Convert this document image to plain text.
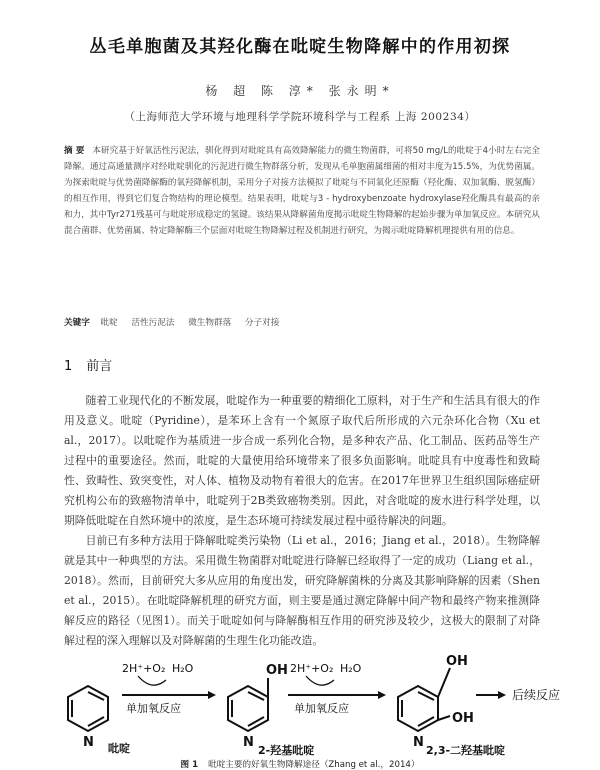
丛毛单胞菌及其羟化酶在吡啶生物降解中的作用初探
杨 超 陈 淳* 张永明*
（上海师范大学环境与地理科学学院环境科学与工程系 上海 200234）
摘 要 本研究基于好氧活性污泥法，驯化得到对吡啶具有高效降解能力的微生物菌群，可将50 mg/L的吡啶于4小时左右完全降解。通过高通量测序对经吡啶驯化的污泥进行微生物群落分析，发现从毛单胞菌属细菌的相对丰度为15.5%，为优势菌属。为探索吡啶与优势菌降解酶的氧羟降解机制，采用分子对接方法模拟了吡啶与不同氧化还原酶（羟化酶、双加氧酶、脱氢酶）的相互作用，得到它们复合物结构的理论模型。结果表明，吡啶与3 - hydroxybenzoate hydroxylase羟化酶具有最高的亲和力，其中Tyr271残基可与吡啶形成稳定的氢键。该结果从降解菌角度揭示吡啶生物降解的起始步骤为单加氧反应。本研究从混合菌群、优势菌属、特定降解酶三个层面对吡啶生物降解过程及机制进行研究，为揭示吡啶降解机理提供有用的信息。
关键字 吡啶 活性污泥法 微生物群落 分子对接
1 前言

随着工业现代化的不断发展，吡啶作为一种重要的精细化工原料，对于生产和生活具有很大的作用及意义。吡啶（Pyridine），是苯环上含有一个氮原子取代后所形成的六元杂环化合物（Xu et al.，2017）。以吡啶作为基质进一步合成一系列化合物，是多种农产品、化工制品、医药品等生产过程中的重要途径。然而，吡啶的大量使用给环境带来了很多负面影响。吡啶具有中度毒性和致畸性、致畸性、致突变性，对人体、植物及动物有着很大的危害。在2017年世界卫生组织国际癌症研究机构公布的致癌物清单中，吡啶列于2B类致癌物类别。因此，对含吡啶的废水进行科学处理，以期降低吡啶在自然环境中的浓度，是生态环境可持续发展过程中亟待解决的问题。

目前已有多种方法用于降解吡啶类污染物（Li et al.，2016；Jiang et al.，2018）。生物降解就是其中一种典型的方法。采用微生物菌群对吡啶进行降解已经取得了一定的成功（Liang et al.，2018）。然而，目前研究大多从应用的角度出发，研究降解菌株的分离及其影响降解的因素（Shen et al.，2015）。在吡啶降解机理的研究方面，则主要是通过测定降解中间产物和最终产物来推测降解反应的路径（见图1）。而关于吡啶如何与降解酶相互作用的研究涉及较少，这极大的限制了对降解过程的深入理解以及对降解菌的生理生化功能改造。

N	N	N
OH
OH
OH
2H⁺+O₂ H₂O
单加氧反应
2H⁺+O₂ H₂O
单加氧反应
后续反应
吡啶	2-羟基吡啶	2,3-二羟基吡啶
图 1 吡啶主要的好氧生物降解途径（Zhang et al.，2014）
